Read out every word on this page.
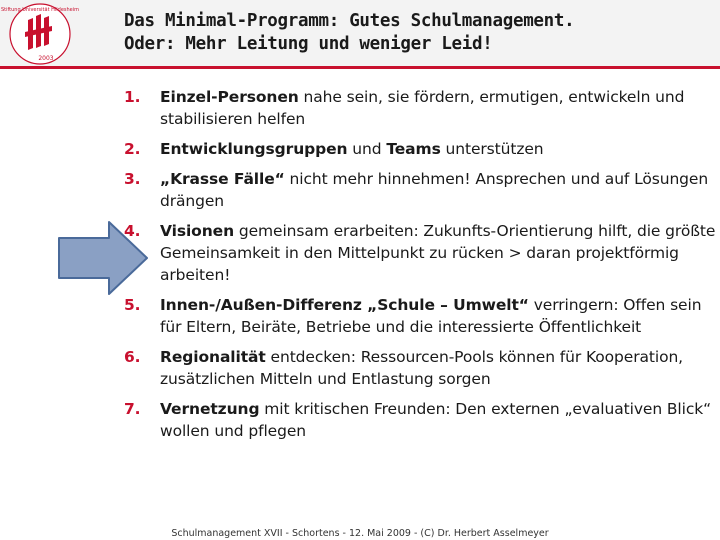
Stiftung Universität Hildesheim
2003
Das Minimal-Programm: Gutes Schulmanagement.
Oder: Mehr Leitung und weniger Leid!
1. Einzel-Personen nahe sein, sie fördern, ermutigen, entwickeln und stabilisieren helfen
2. Entwicklungsgruppen und Teams unterstützen
3. „Krasse Fälle“ nicht mehr hinnehmen! Ansprechen und auf Lösungen drängen
4. Visionen gemeinsam erarbeiten: Zukunfts-Orientierung hilft, die größte Gemeinsamkeit in den Mittelpunkt zu rücken > daran projektförmig arbeiten!
5. Innen-/Außen-Differenz „Schule – Umwelt“ verringern: Offen sein für Eltern, Beiräte, Betriebe und die interessierte Öffentlichkeit
6. Regionalität entdecken: Ressourcen-Pools können für Kooperation, zusätzlichen Mitteln und Entlastung sorgen
7. Vernetzung mit kritischen Freunden: Den externen „evaluativen Blick“ wollen und pflegen
Schulmanagement XVII - Schortens - 12. Mai 2009 - (C) Dr. Herbert Asselmeyer
